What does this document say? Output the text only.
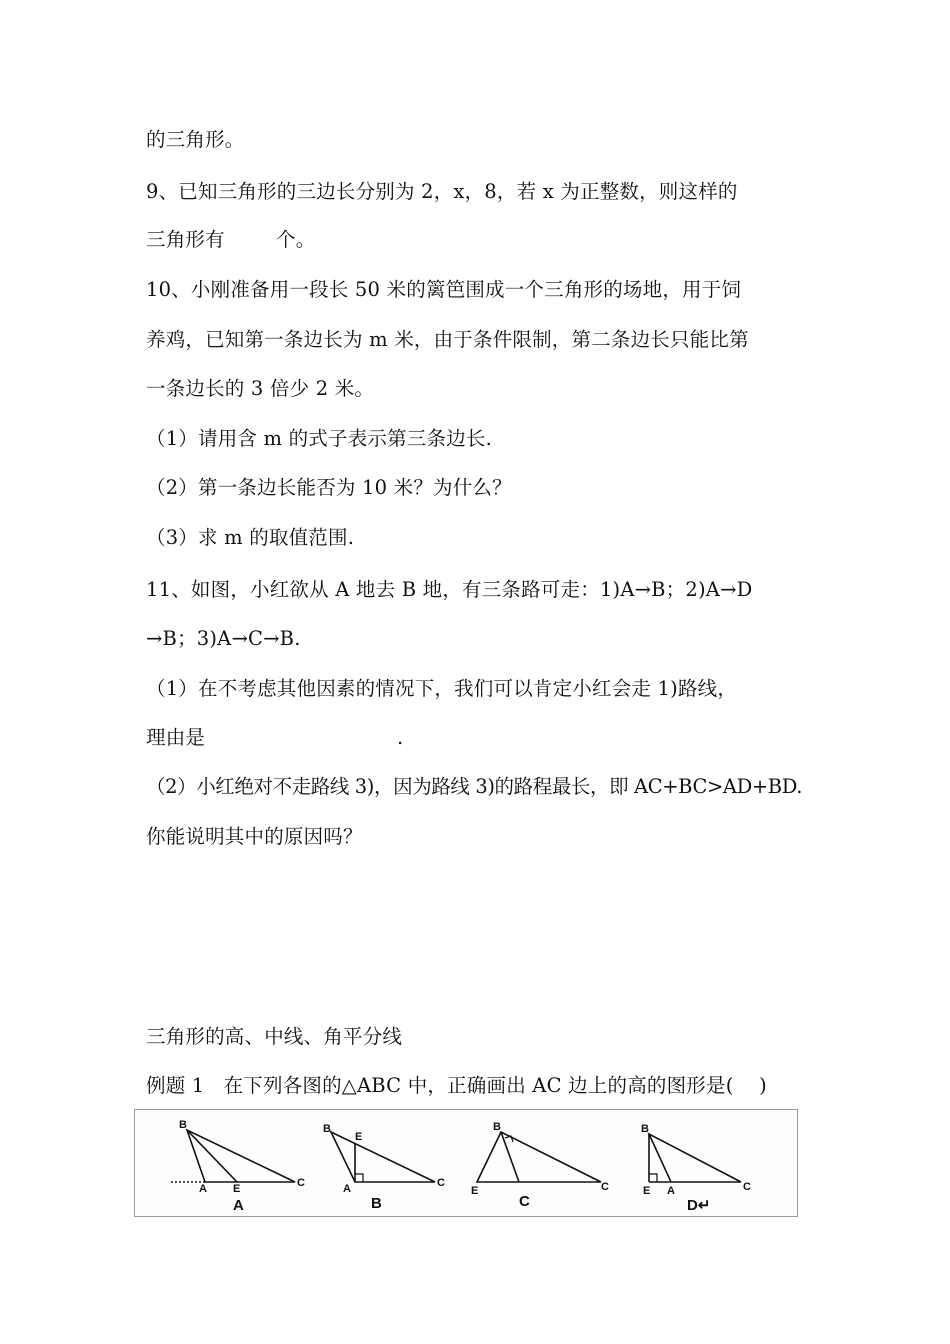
的三角形。
9、已知三角形的三边长分别为 2，x，8，若 x 为正整数，则这样的
三角形有        个。
10、小刚准备用一段长 50 米的篱笆围成一个三角形的场地，用于饲
养鸡，已知第一条边长为 m 米，由于条件限制，第二条边长只能比第
一条边长的 3 倍少 2 米。
（1）请用含 m 的式子表示第三条边长.
（2）第一条边长能否为 10 米？为什么？
（3）求 m 的取值范围.
11、如图，小红欲从 A 地去 B 地，有三条路可走：1)A→B；2)A→D
→B；3)A→C→B.
（1）在不考虑其他因素的情况下，我们可以肯定小红会走 1)路线，
理由是                              .
（2）小红绝对不走路线 3)，因为路线 3)的路程最长，即 AC+BC>AD+BD.
你能说明其中的原因吗？
三角形的高、中线、角平分线
例题 1   在下列各图的△ABC 中，正确画出 AC 边上的高的图形是(    )
B
A E	C
B
E
A	C
B
E	C
B
E A	C
A	B	C	D↵
